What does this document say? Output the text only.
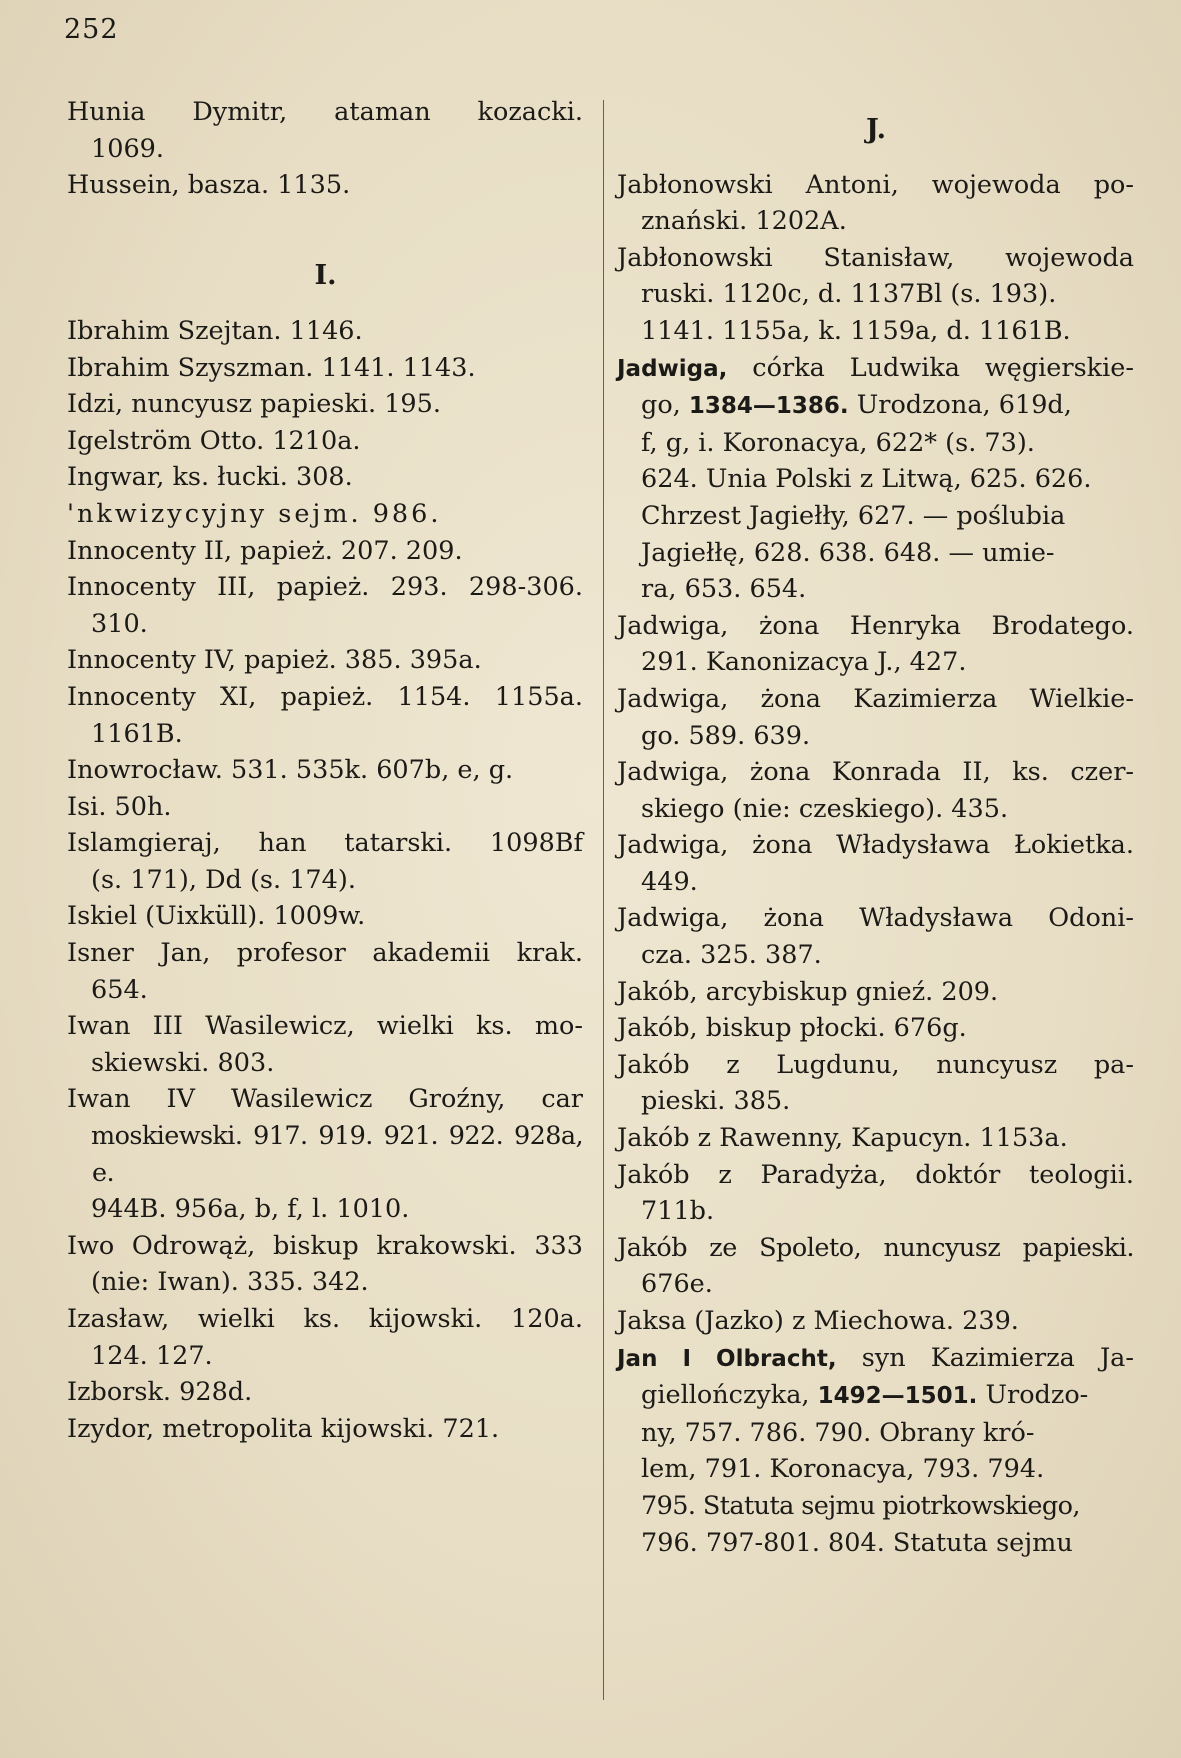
252
Hunia Dymitr, ataman kozacki.
1069.
Hussein, basza. 1135.
I.
Ibrahim Szejtan. 1146.
Ibrahim Szyszman. 1141. 1143.
Idzi, nuncyusz papieski. 195.
Igelström Otto. 1210a.
Ingwar, ks. łucki. 308.
'nkwizycyjny sejm. 986.
Innocenty II, papież. 207. 209.
Innocenty III, papież. 293. 298-306.
310.
Innocenty IV, papież. 385. 395a.
Innocenty XI, papież. 1154. 1155a.
1161B.
Inowrocław. 531. 535k. 607b, e, g.
Isi. 50h.
Islamgieraj, han tatarski. 1098Bf
(s. 171), Dd (s. 174).
Iskiel (Uixküll). 1009w.
Isner Jan, profesor akademii krak.
654.
Iwan III Wasilewicz, wielki ks. mo-
skiewski. 803.
Iwan IV Wasilewicz Groźny, car
moskiewski. 917. 919. 921. 922. 928a, e.
944B. 956a, b, f, l. 1010.
Iwo Odrowąż, biskup krakowski. 333
(nie: Iwan). 335. 342.
Izasław, wielki ks. kijowski. 120a.
124. 127.
Izborsk. 928d.
Izydor, metropolita kijowski. 721.
J.
Jabłonowski Antoni, wojewoda po-
znański. 1202A.
Jabłonowski Stanisław, wojewoda
ruski. 1120c, d. 1137Bl (s. 193).
1141. 1155a, k. 1159a, d. 1161B.
Jadwiga, córka Ludwika węgierskie-
go, 1384—1386. Urodzona, 619d,
f, g, i. Koronacya, 622* (s. 73).
624. Unia Polski z Litwą, 625. 626.
Chrzest Jagiełły, 627. — poślubia
Jagiełłę, 628. 638. 648. — umie-
ra, 653. 654.
Jadwiga, żona Henryka Brodatego.
291. Kanonizacya J., 427.
Jadwiga, żona Kazimierza Wielkie-
go. 589. 639.
Jadwiga, żona Konrada II, ks. czer-
skiego (nie: czeskiego). 435.
Jadwiga, żona Władysława Łokietka.
449.
Jadwiga, żona Władysława Odoni-
cza. 325. 387.
Jakób, arcybiskup gnieź. 209.
Jakób, biskup płocki. 676g.
Jakób z Lugdunu, nuncyusz pa-
pieski. 385.
Jakób z Rawenny, Kapucyn. 1153a.
Jakób z Paradyża, doktór teologii.
711b.
Jakób ze Spoleto, nuncyusz papieski.
676e.
Jaksa (Jazko) z Miechowa. 239.
Jan I Olbracht, syn Kazimierza Ja-
giellończyka, 1492—1501. Urodzo-
ny, 757. 786. 790. Obrany kró-
lem, 791. Koronacya, 793. 794.
795. Statuta sejmu piotrkowskiego,
796. 797-801. 804. Statuta sejmu
